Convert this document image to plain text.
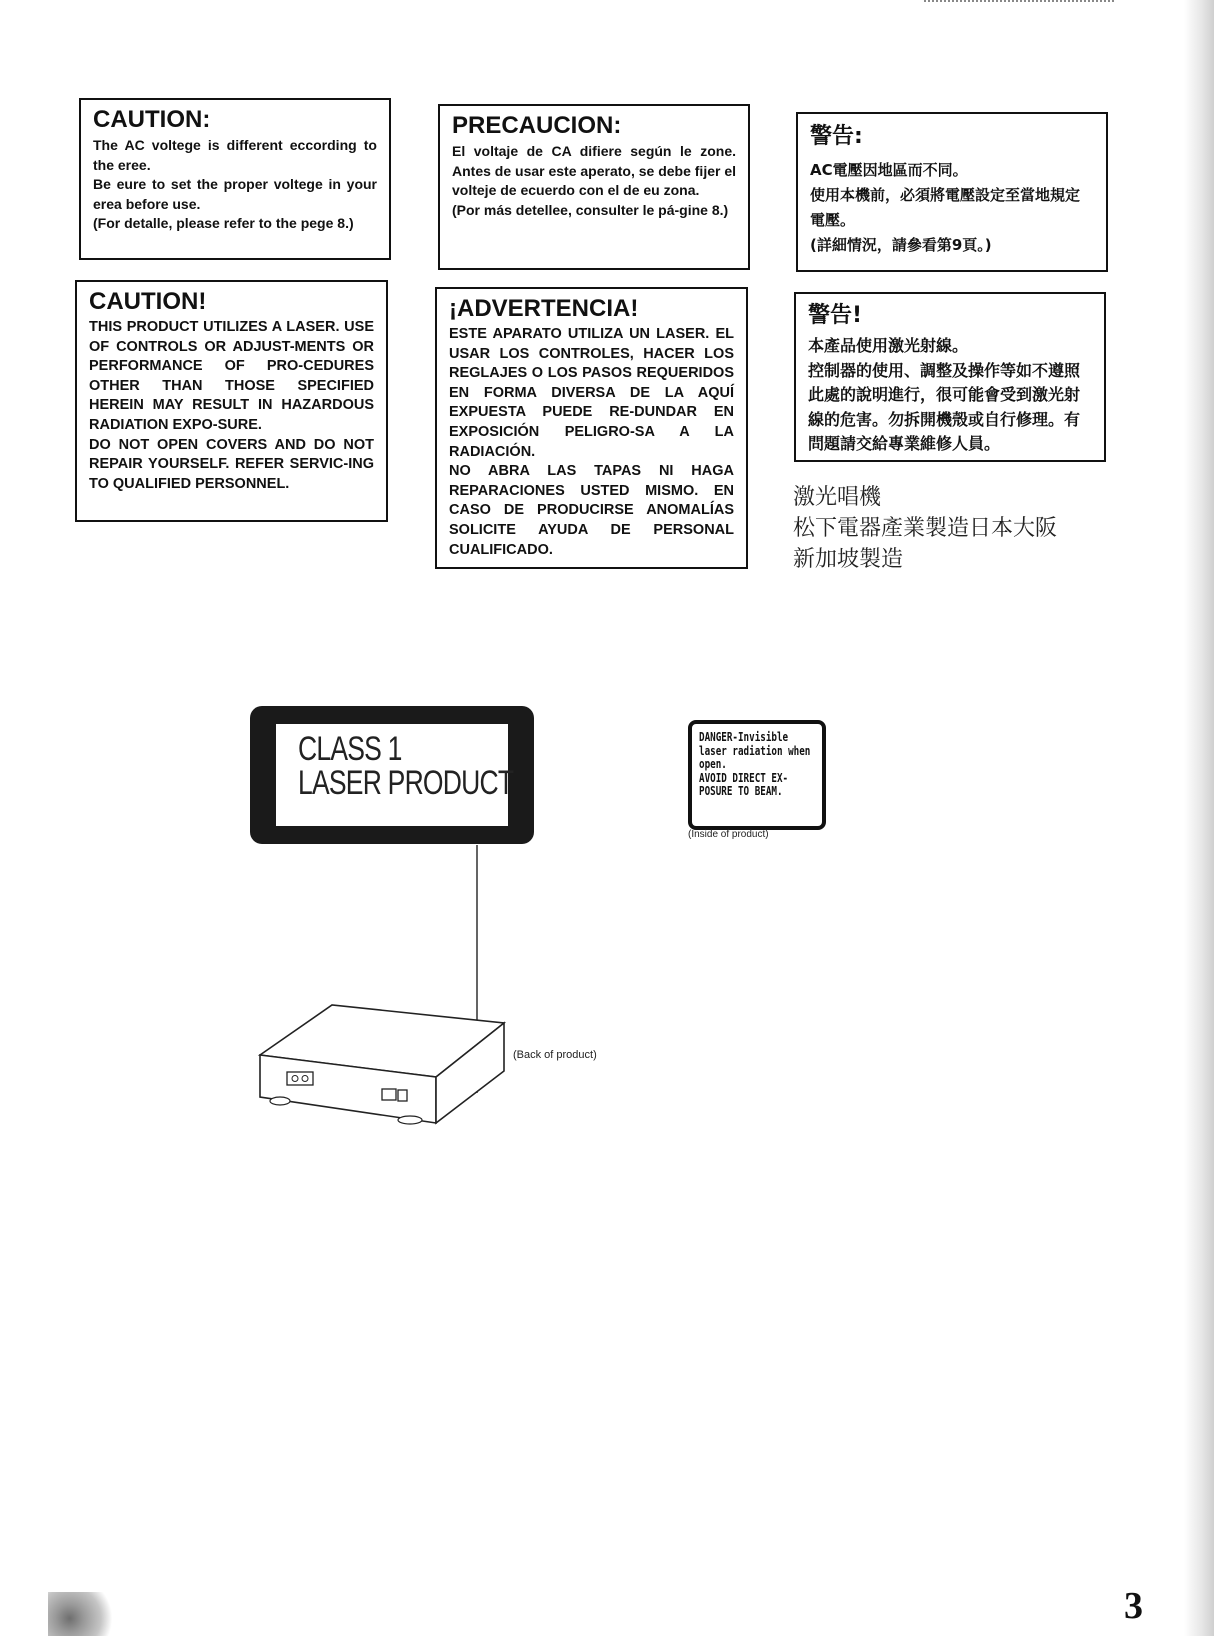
CAUTION:

The AC voltege is different eccording to the eree.

Be eure to set the proper voltege in your erea before use.

(For detalle, please refer to the pege 8.)

PRECAUCION:

El voltaje de CA difiere según le zone. Antes de usar este aperato, se debe fijer el volteje de ecuerdo con el de eu zona.

(Por más detellee, consulter le pá-gine 8.)

警告:

AC電壓因地區而不同。

使用本機前，必須將電壓設定至當地規定電壓。

(詳細情況，請參看第9頁。)

CAUTION!

THIS PRODUCT UTILIZES A LASER. USE OF CONTROLS OR ADJUST-MENTS OR PERFORMANCE OF PRO-CEDURES OTHER THAN THOSE SPECIFIED HEREIN MAY RESULT IN HAZARDOUS RADIATION EXPO-SURE.

DO NOT OPEN COVERS AND DO NOT REPAIR YOURSELF. REFER SERVIC-ING TO QUALIFIED PERSONNEL.

¡ADVERTENCIA!

ESTE APARATO UTILIZA UN LASER. EL USAR LOS CONTROLES, HACER LOS REGLAJES O LOS PASOS REQUERIDOS EN FORMA DIVERSA DE LA AQUÍ EXPUESTA PUEDE RE-DUNDAR EN EXPOSICIÓN PELIGRO-SA A LA RADIACIÓN.

NO ABRA LAS TAPAS NI HAGA REPARACIONES USTED MISMO. EN CASO DE PRODUCIRSE ANOMALÍAS SOLICITE AYUDA DE PERSONAL CUALIFICADO.

警告!

本產品使用激光射線。

控制器的使用、調整及操作等如不遵照此處的說明進行，很可能會受到激光射線的危害。勿拆開機殼或自行修理。有問題請交給專業維修人員。

激光唱機
松下電器產業製造日本大阪
新加坡製造
CLASS 1
LASER PRODUCT
DANGER-Invisible
laser radiation when
open.
AVOID DIRECT EX-
POSURE TO BEAM.
(Inside of product)
(Back of product)
3
